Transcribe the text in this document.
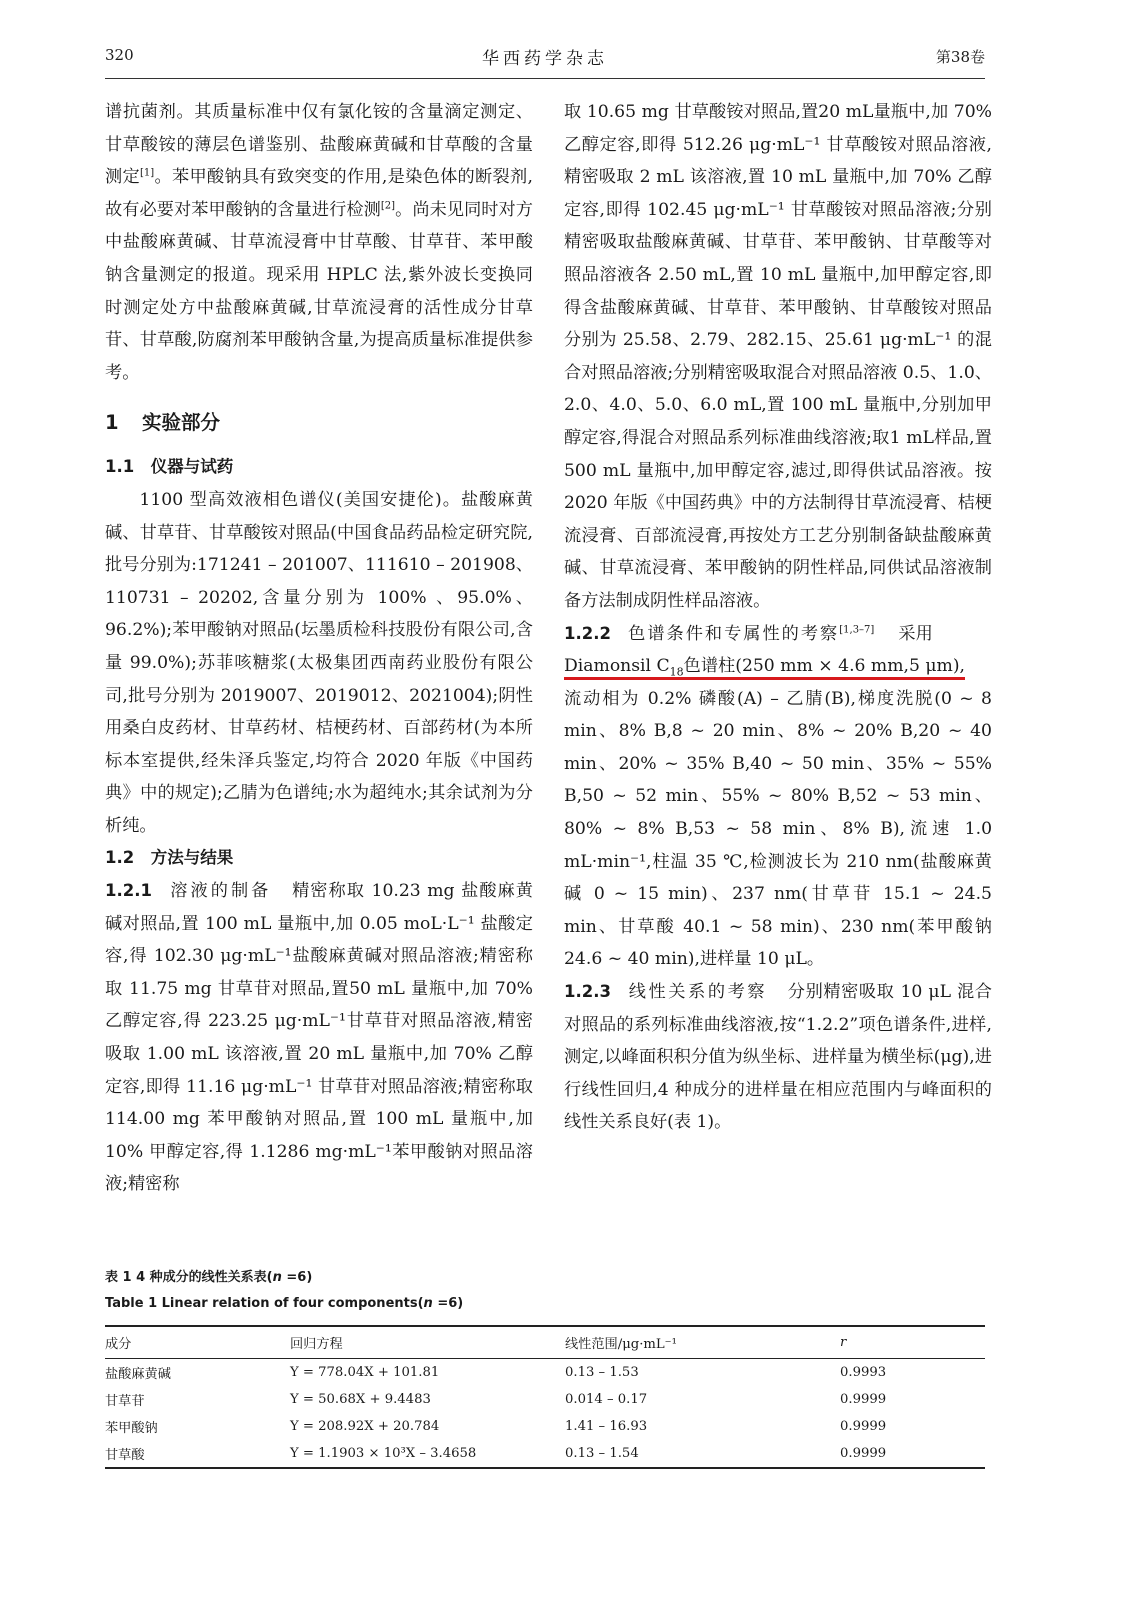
320	华西药学杂志	第38卷

谱抗菌剂。其质量标准中仅有氯化铵的含量滴定测定、甘草酸铵的薄层色谱鉴别、盐酸麻黄碱和甘草酸的含量测定[1]。苯甲酸钠具有致突变的作用,是染色体的断裂剂,故有必要对苯甲酸钠的含量进行检测[2]。尚未见同时对方中盐酸麻黄碱、甘草流浸膏中甘草酸、甘草苷、苯甲酸钠含量测定的报道。现采用 HPLC 法,紫外波长变换同时测定处方中盐酸麻黄碱,甘草流浸膏的活性成分甘草苷、甘草酸,防腐剂苯甲酸钠含量,为提高质量标准提供参考。

1 实验部分

1.1 仪器与试药

1100 型高效液相色谱仪(美国安捷伦)。盐酸麻黄碱、甘草苷、甘草酸铵对照品(中国食品药品检定研究院,批号分别为:171241 – 201007、111610 – 201908、110731 – 20202,含量分别为 100% 、95.0%、96.2%);苯甲酸钠对照品(坛墨质检科技股份有限公司,含量 99.0%);苏菲咳糖浆(太极集团西南药业股份有限公司,批号分别为 2019007、2019012、2021004);阴性用桑白皮药材、甘草药材、桔梗药材、百部药材(为本所标本室提供,经朱泽兵鉴定,均符合 2020 年版《中国药典》中的规定);乙腈为色谱纯;水为超纯水;其余试剂为分析纯。

1.2 方法与结果

1.2.1 溶液的制备 精密称取 10.23 mg 盐酸麻黄碱对照品,置 100 mL 量瓶中,加 0.05 moL·L⁻¹ 盐酸定容,得 102.30 μg·mL⁻¹盐酸麻黄碱对照品溶液;精密称取 11.75 mg 甘草苷对照品,置50 mL 量瓶中,加 70% 乙醇定容,得 223.25 μg·mL⁻¹甘草苷对照品溶液,精密吸取 1.00 mL 该溶液,置 20 mL 量瓶中,加 70% 乙醇定容,即得 11.16 μg·mL⁻¹ 甘草苷对照品溶液;精密称取 114.00 mg 苯甲酸钠对照品,置 100 mL 量瓶中,加 10% 甲醇定容,得 1.1286 mg·mL⁻¹苯甲酸钠对照品溶液;精密称

取 10.65 mg 甘草酸铵对照品,置20 mL量瓶中,加 70% 乙醇定容,即得 512.26 μg·mL⁻¹ 甘草酸铵对照品溶液,精密吸取 2 mL 该溶液,置 10 mL 量瓶中,加 70% 乙醇定容,即得 102.45 μg·mL⁻¹ 甘草酸铵对照品溶液;分别精密吸取盐酸麻黄碱、甘草苷、苯甲酸钠、甘草酸等对照品溶液各 2.50 mL,置 10 mL 量瓶中,加甲醇定容,即得含盐酸麻黄碱、甘草苷、苯甲酸钠、甘草酸铵对照品分别为 25.58、2.79、282.15、25.61 μg·mL⁻¹ 的混合对照品溶液;分别精密吸取混合对照品溶液 0.5、1.0、2.0、4.0、5.0、6.0 mL,置 100 mL 量瓶中,分别加甲醇定容,得混合对照品系列标准曲线溶液;取1 mL样品,置 500 mL 量瓶中,加甲醇定容,滤过,即得供试品溶液。按 2020 年版《中国药典》中的方法制得甘草流浸膏、桔梗流浸膏、百部流浸膏,再按处方工艺分别制备缺盐酸麻黄碱、甘草流浸膏、苯甲酸钠的阴性样品,同供试品溶液制备方法制成阴性样品溶液。

1.2.2 色谱条件和专属性的考察[1,3–7] 采用

Diamonsil $C_{18}$色谱柱(250 mm × 4.6 mm,5 μm),

流动相为 0.2% 磷酸(A) – 乙腈(B),梯度洗脱(0 ~ 8 min、8% B,8 ~ 20 min、8% ~ 20% B,20 ~ 40 min、20% ~ 35% B,40 ~ 50 min、35% ~ 55% B,50 ~ 52 min、55% ~ 80% B,52 ~ 53 min、80% ~ 8% B,53 ~ 58 min、8% B),流速 1.0 mL·min⁻¹,柱温 35 ℃,检测波长为 210 nm(盐酸麻黄碱 0 ~ 15 min)、237 nm(甘草苷 15.1 ~ 24.5 min、甘草酸 40.1 ~ 58 min)、230 nm(苯甲酸钠 24.6 ~ 40 min),进样量 10 μL。

1.2.3 线性关系的考察 分别精密吸取 10 μL 混合对照品的系列标准曲线溶液,按“1.2.2”项色谱条件,进样,测定,以峰面积积分值为纵坐标、进样量为横坐标(μg),进行线性回归,4 种成分的进样量在相应范围内与峰面积的线性关系良好(表 1)。

表 1 4 种成分的线性关系表(n =6)
Table 1 Linear relation of four components(n =6)
成分	回归方程	线性范围/μg·mL⁻¹	r
盐酸麻黄碱	Y = 778.04X + 101.81	0.13 – 1.53	0.9993
甘草苷	Y = 50.68X + 9.4483	0.014 – 0.17	0.9999
苯甲酸钠	Y = 208.92X + 20.784	1.41 – 16.93	0.9999
甘草酸	Y = 1.1903 × 10³X – 3.4658	0.13 – 1.54	0.9999
